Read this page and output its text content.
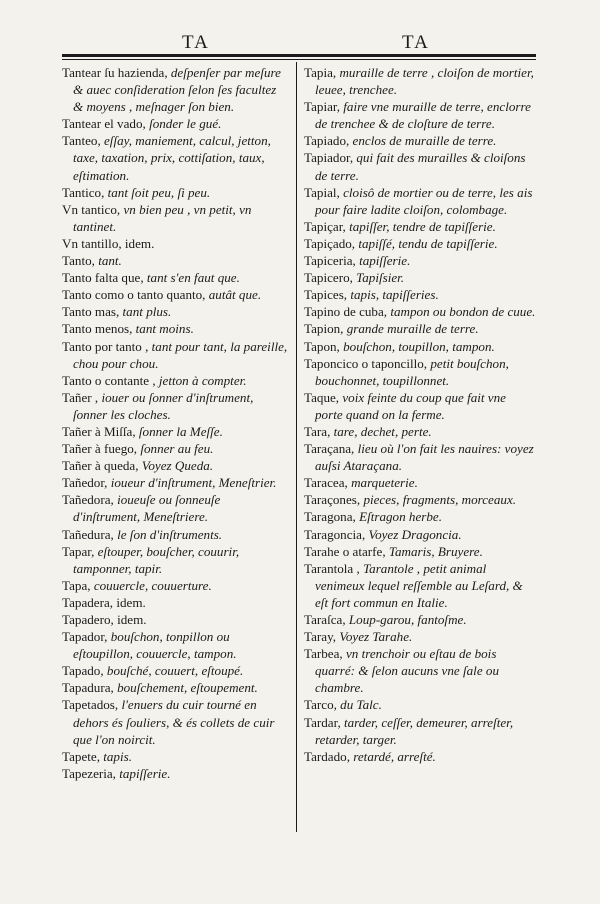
TA	TA
Tantear ſu hazienda, deſpenſer par meſure & auec conſideration ſelon ſes facultez & moyens , meſnager ſon bien.
Tantear el vado, ſonder le gué.
Tanteo, eſſay, maniement, calcul, jetton, taxe, taxation, prix, cottiſation, taux, eſtimation.
Tantico, tant ſoit peu, ſi peu.
Vn tantico, vn bien peu , vn petit, vn tantinet.
Vn tantillo, idem.
Tanto, tant.
Tanto falta que, tant s'en faut que.
Tanto como o tanto quanto, autât que.
Tanto mas, tant plus.
Tanto menos, tant moins.
Tanto por tanto , tant pour tant, la pareille, chou pour chou.
Tanto o contante , jetton à compter.
Tañer , iouer ou ſonner d'inſtrument, ſonner les cloches.
Tañer à Miſſa, ſonner la Meſſe.
Tañer à fuego, ſonner au feu.
Tañer à queda, Voyez Queda.
Tañedor, ioueur d'inſtrument, Meneſtrier.
Tañedora, ioueuſe ou ſonneuſe d'inſtrument, Meneſtriere.
Tañedura, le ſon d'inſtruments.
Tapar, eſtouper, bouſcher, couurir, tamponner, tapir.
Tapa, couuercle, couuerture.
Tapadera, idem.
Tapadero, idem.
Tapador, bouſchon, tonpillon ou eſtoupillon, couuercle, tampon.
Tapado, bouſché, couuert, eſtoupé.
Tapadura, bouſchement, eſtoupement.
Tapetados, l'enuers du cuir tourné en dehors és ſouliers, & és collets de cuir que l'on noircit.
Tapete, tapis.
Tapezeria, tapiſſerie.
Tapia, muraille de terre , cloiſon de mortier, leuee, trenchee.
Tapiar, faire vne muraille de terre, enclorre de trenchee & de cloſture de terre.
Tapiado, enclos de muraille de terre.
Tapiador, qui fait des murailles & cloiſons de terre.
Tapial, cloisô de mortier ou de terre, les ais pour faire ladite cloiſon, colombage.
Tapiçar, tapiſſer, tendre de tapiſſerie.
Tapiçado, tapiſſé, tendu de tapiſſerie.
Tapiceria, tapiſſerie.
Tapicero, Tapiſsier.
Tapices, tapis, tapiſſeries.
Tapino de cuba, tampon ou bondon de cuue.
Tapion, grande muraille de terre.
Tapon, bouſchon, toupillon, tampon.
Taponcico o taponcillo, petit bouſchon, bouchonnet, toupillonnet.
Taque, voix feinte du coup que fait vne porte quand on la ferme.
Tara, tare, dechet, perte.
Taraçana, lieu où l'on fait les nauires: voyez auſsi Ataraçana.
Taracea, marqueterie.
Taraçones, pieces, fragments, morceaux.
Taragona, Eſtragon herbe.
Taragoncia, Voyez Dragoncia.
Tarahe o atarfe, Tamaris, Bruyere.
Tarantola , Tarantole , petit animal venimeux lequel reſſemble au Leſard, & eſt fort commun en Italie.
Taraſca, Loup-garou, fantoſme.
Taray, Voyez Tarahe.
Tarbea, vn trenchoir ou eſtau de bois quarré: & ſelon aucuns vne ſale ou chambre.
Tarco, du Talc.
Tardar, tarder, ceſſer, demeurer, arreſter, retarder, targer.
Tardado, retardé, arreſté.
